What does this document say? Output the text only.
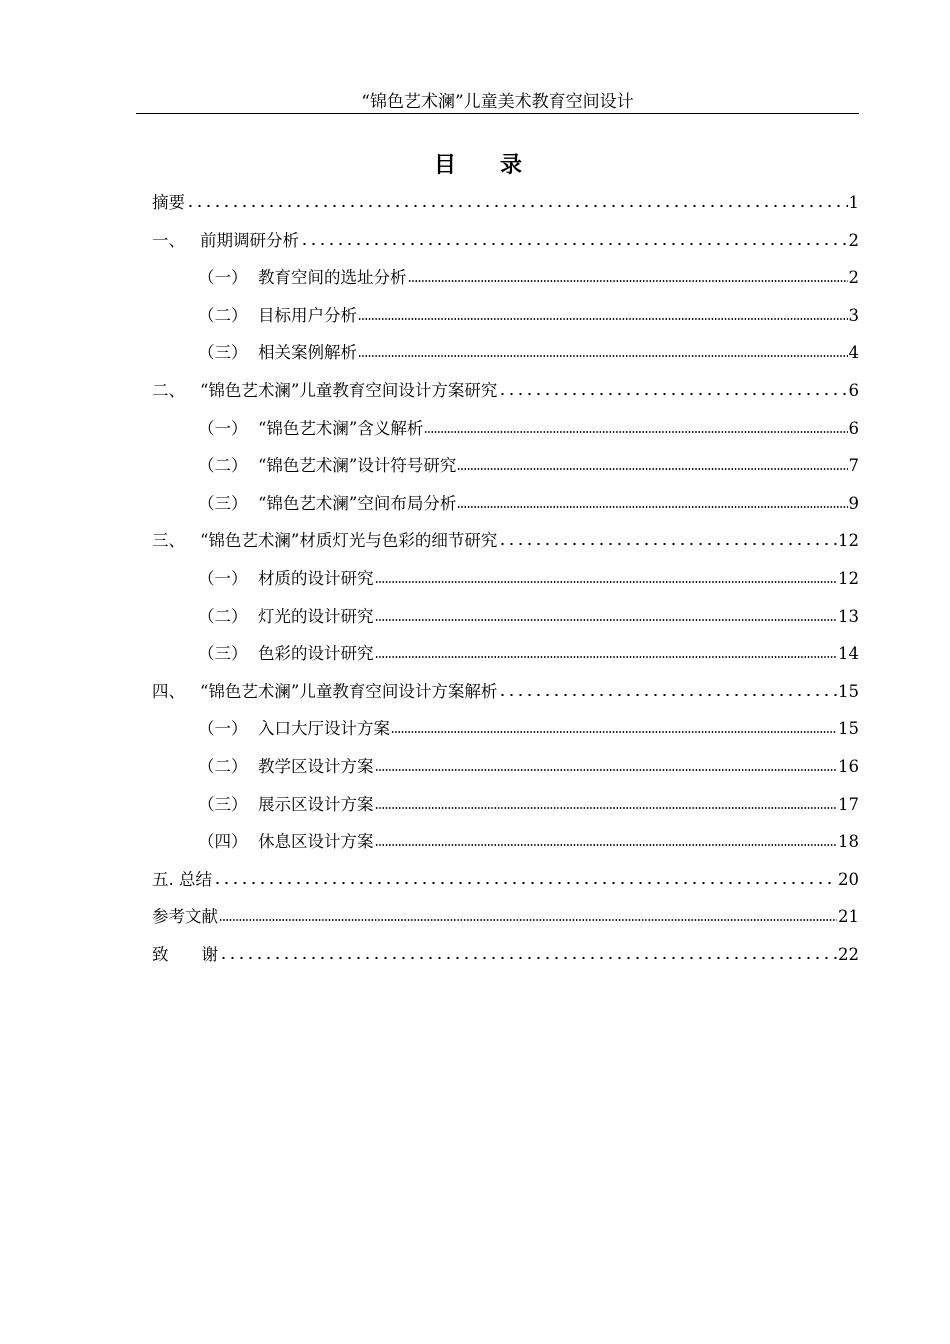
“锦色艺术澜”儿童美术教育空间设计
目录
摘要	1
一、 前期调研分析	2
（一） 教育空间的选址分析	2
（二） 目标用户分析	3
（三） 相关案例解析	4
二、 “锦色艺术澜”儿童教育空间设计方案研究	6
（一） “锦色艺术澜”含义解析	6
（二） “锦色艺术澜”设计符号研究	7
（三） “锦色艺术澜”空间布局分析	9
三、 “锦色艺术澜”材质灯光与色彩的细节研究	12
（一） 材质的设计研究	12
（二） 灯光的设计研究	13
（三） 色彩的设计研究	14
四、 “锦色艺术澜”儿童教育空间设计方案解析	15
（一） 入口大厅设计方案	15
（二） 教学区设计方案	16
（三） 展示区设计方案	17
（四） 休息区设计方案	18
五. 总结	20
参考文献	21
致　　谢	22
